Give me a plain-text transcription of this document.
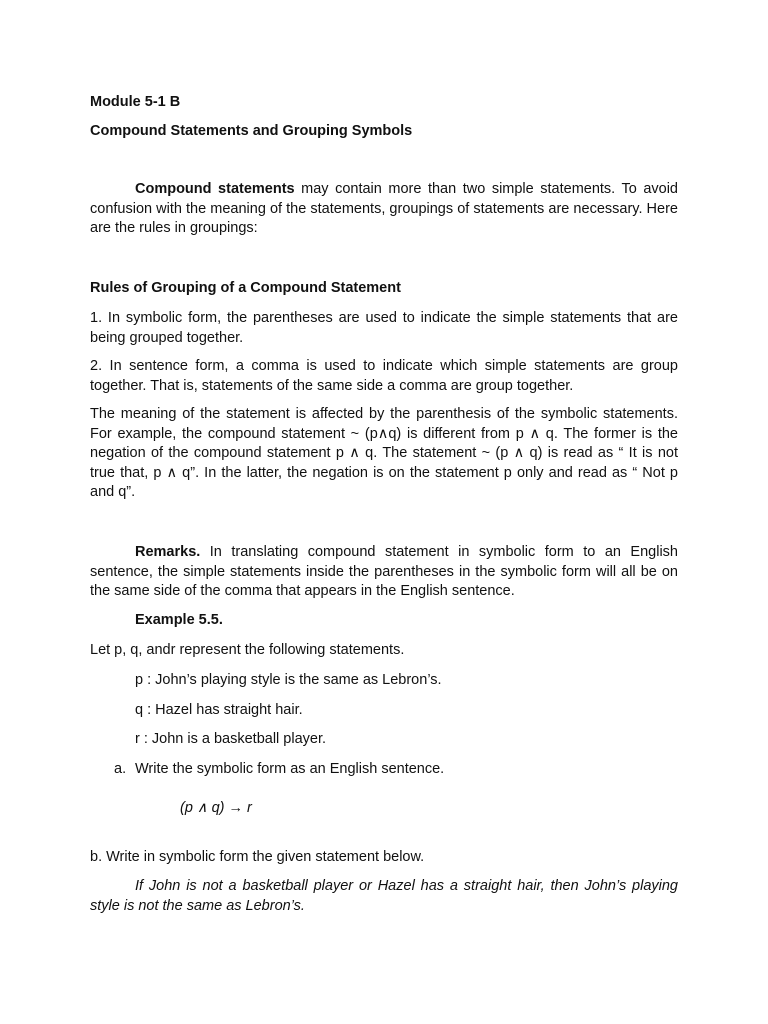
Module 5-1 B

Compound Statements and Grouping Symbols

Compound statements may contain more than two simple statements. To avoid confusion with the meaning of the statements, groupings of statements are necessary. Here are the rules in groupings:

Rules of Grouping of a Compound Statement

1. In symbolic form, the parentheses are used to indicate the simple statements that are being grouped together.

2. In sentence form, a comma is used to indicate which simple statements are group together. That is, statements of the same side a comma are group together.

The meaning of the statement is affected by the parenthesis of the symbolic statements. For example, the compound statement ~ (p∧q) is different from p ∧ q. The former is the negation of the compound statement p ∧ q. The statement ~ (p ∧ q) is read as “ It is not true that, p ∧ q”. In the latter, the negation is on the statement p only and read as “ Not p and q”.

Remarks. In translating compound statement in symbolic form to an English sentence, the simple statements inside the parentheses in the symbolic form will all be on the same side of the comma that appears in the English sentence.

Example 5.5.

Let p, q, andr represent the following statements.

p : John’s playing style is the same as Lebron’s.

q : Hazel has straight hair.

r : John is a basketball player.

a. Write the symbolic form as an English sentence.

(p ∧ q) → r

b. Write in symbolic form the given statement below.

If John is not a basketball player or Hazel has a straight hair, then John’s playing style is not the same as Lebron’s.
